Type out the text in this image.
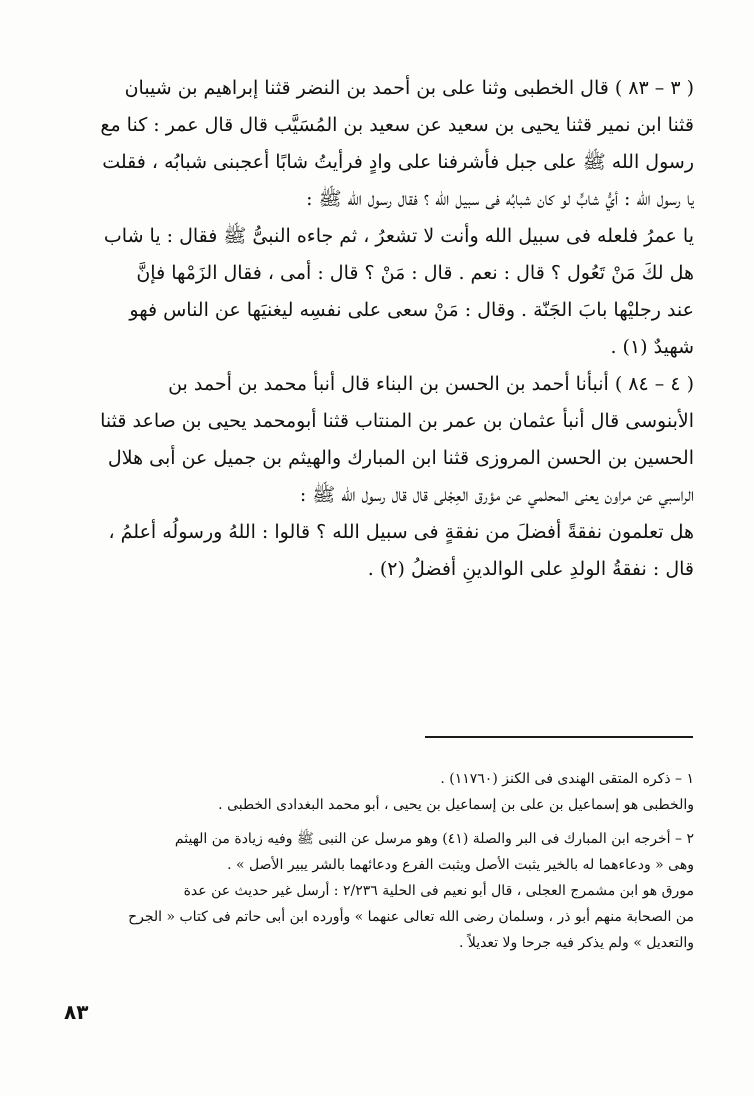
( ٣ – ٨٣ ) قال الخطبى وثنا على بن أحمد بن النضر قثنا إبراهيم بن شيبان
قثنا ابن نمير قثنا يحيى بن سعيد عن سعيد بن المُسَيَّب قال قال عمر : كنا مع
رسول الله ﷺ على جبل فأشرفنا على وادٍ فرأيتُ شابًا أعجبنى شبابُه ، فقلت
يا رسول الله : أيُّ شابٍّ لو كان شبابُه فى سبيل الله ؟ فقال رسول الله ﷺ :
يا عمرُ فلعله فى سبيل الله وأنت لا تشعرُ ، ثم جاءه النبىُّ ﷺ فقال : يا شاب
هل لكَ مَنْ تَعُول ؟ قال : نعم . قال : مَنْ ؟ قال : أمى ، فقال الزَمْها فإنَّ
عند رجليْها بابَ الجَنّة . وقال : مَنْ سعى على نفسِه ليغنيَها عن الناس فهو
شهيدٌ (١) .
( ٤ – ٨٤ ) أنبأنا أحمد بن الحسن بن البناء قال أنبأ محمد بن أحمد بن
الأبنوسى قال أنبأ عثمان بن عمر بن المنتاب قثنا أبومحمد يحيى بن صاعد قثنا
الحسين بن الحسن المروزى قثنا ابن المبارك والهيثم بن جميل عن أبى هلال
الراسبي عن مراون يعنى المحلمي عن مؤرق العِجْلى قال قال رسول الله ﷺ :
هل تعلمون نفقةً أفضلَ من نفقةٍ فى سبيل الله ؟ قالوا : اللهُ ورسولُه أعلمُ ،
قال : نفقةُ الولدِ على الوالدينِ أفضلُ (٢) .
١ – ذكره المتقى الهندى فى الكنز (١١٧٦٠) .
والخطبى هو إسماعيل بن على بن إسماعيل بن يحيى ، أبو محمد البغدادى الخطبى .
٢ – أخرجه ابن المبارك فى البر والصلة (٤١) وهو مرسل عن النبى ﷺ وفيه زيادة من الهيثم
وهى « ودعاءهما له بالخير يثبت الأصل ويثبت الفرع ودعائهما بالشر يبير الأصل » .
مورق هو ابن مشمرج العجلى ، قال أبو نعيم فى الحلية ٢/٢٣٦ : أرسل غير حديث عن عدة
من الصحابة منهم أبو ذر ، وسلمان رضى الله تعالى عنهما » وأورده ابن أبى حاتم فى كتاب « الجرح
والتعديل » ولم يذكر فيه جرحا ولا تعديلاً .
٨٣
